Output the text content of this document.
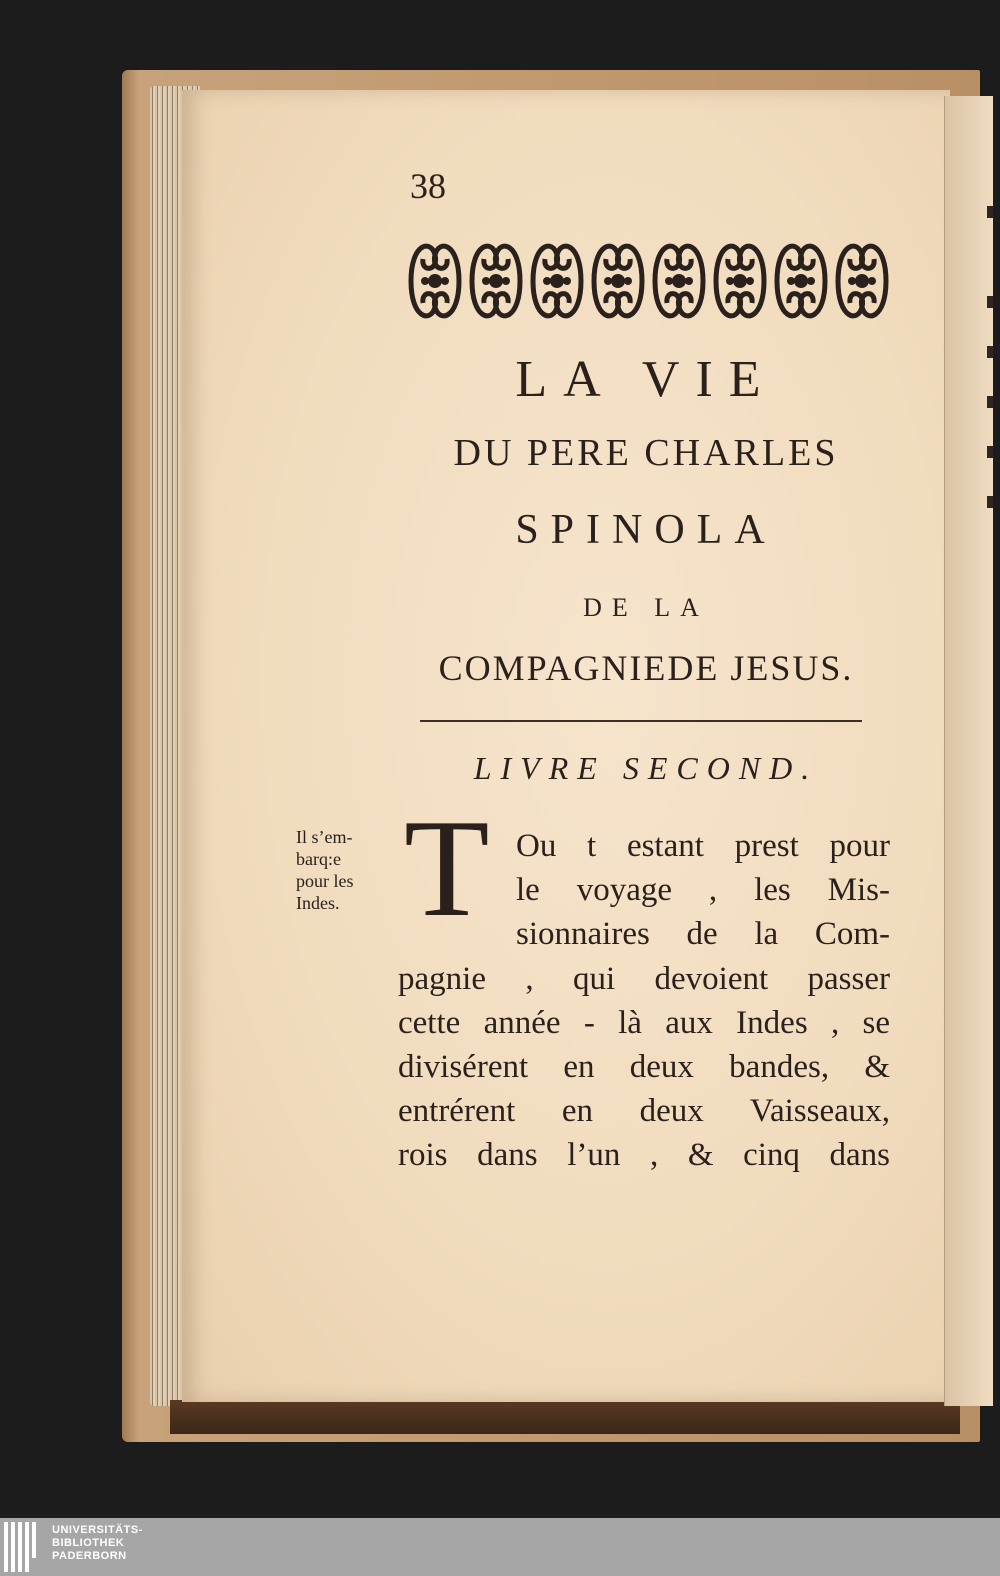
38
LA VIE
DU PERE CHARLES
SPINOLA
DE LA
COMPAGNIEDE JESUS.
LIVRE SECOND.
Il s’em-
barq:e
pour les
Indes. T Ou t estant prest pour
le voyage , les Mis-
sionnaires de la Com-
pagnie , qui devoient passer
cette année - là aux Indes , se
divisérent en deux bandes, &
entrérent en deux Vaisseaux,
rois dans l’un , & cinq dans
UNIVERSITÄTS-
BIBLIOTHEK
PADERBORN
